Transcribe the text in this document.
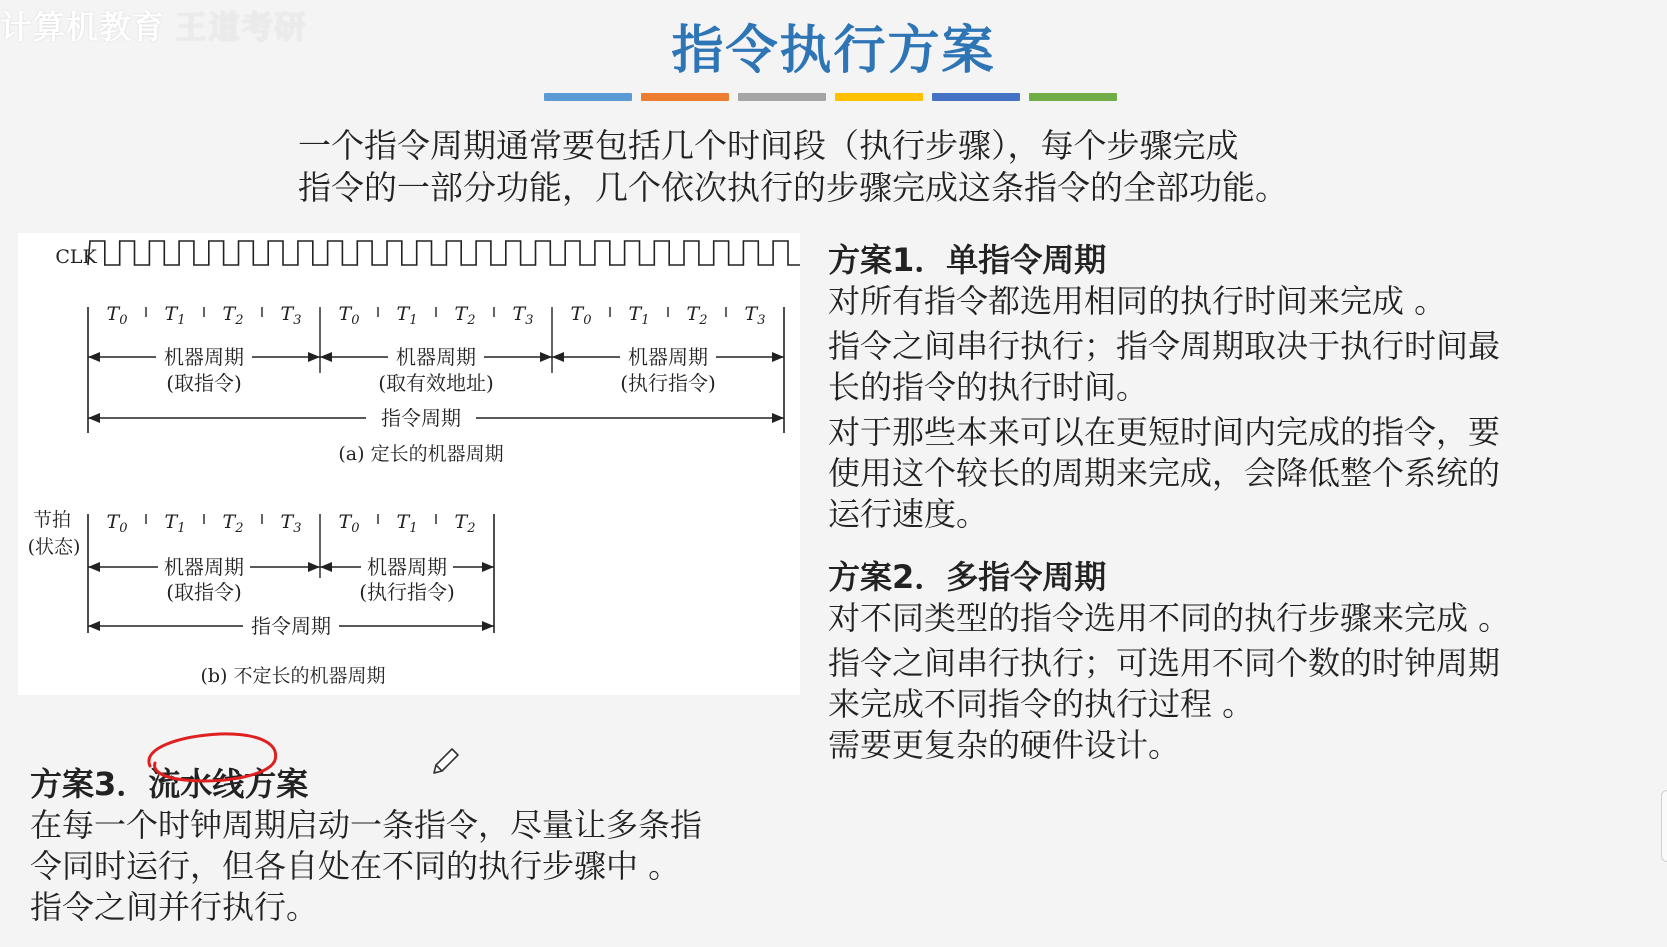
计算机教育 王道考研	指令执行方案
一个指令周期通常要包括几个时间段（执行步骤），每个步骤完成
指令的一部分功能，几个依次执行的步骤完成这条指令的全部功能。
CLK
$T_0$ $T_1$ $T_2$ $T_3$ $T_0$ $T_1$ $T_2$ $T_3$ $T_0$ $T_1$ $T_2$ $T_3$
机器周期
(取指令)
机器周期
(取有效地址)
机器周期
(执行指令)
指令周期
(a) 定长的机器周期
节拍
(状态)
$T_0$ $T_1$ $T_2$ $T_3$ $T_0$ $T_1$ $T_2$
机器周期
(取指令)
机器周期
(执行指令)
指令周期
(b) 不定长的机器周期
方案1．单指令周期
对所有指令都选用相同的执行时间来完成 。
指令之间串行执行；指令周期取决于执行时间最
长的指令的执行时间。
对于那些本来可以在更短时间内完成的指令，要
使用这个较长的周期来完成，会降低整个系统的
运行速度。
方案2．多指令周期
对不同类型的指令选用不同的执行步骤来完成 。
指令之间串行执行；可选用不同个数的时钟周期
来完成不同指令的执行过程 。
需要更复杂的硬件设计。
方案3．流水线方案
在每一个时钟周期启动一条指令，尽量让多条指
令同时运行，但各自处在不同的执行步骤中 。
指令之间并行执行。
